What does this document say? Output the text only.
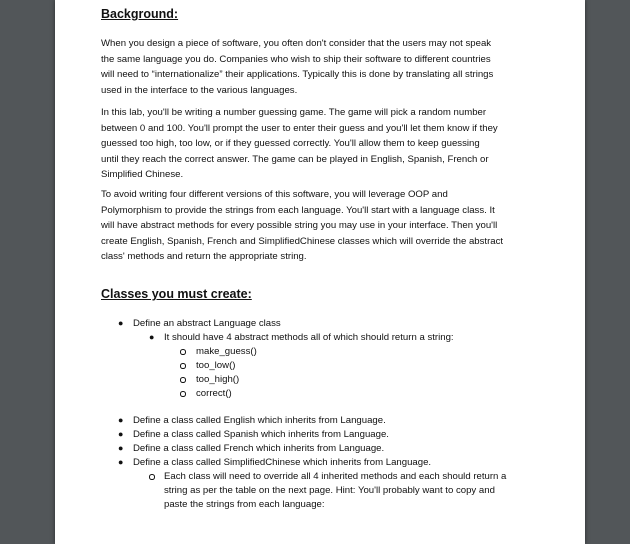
Background:
When you design a piece of software, you often don't consider that the users may not speak
the same language you do. Companies who wish to ship their software to different countries
will need to “internationalize” their applications. Typically this is done by translating all strings
used in the interface to the various languages.
In this lab, you'll be writing a number guessing game. The game will pick a random number
between 0 and 100. You'll prompt the user to enter their guess and you'll let them know if they
guessed too high, too low, or if they guessed correctly. You'll allow them to keep guessing
until they reach the correct answer. The game can be played in English, Spanish, French or
Simplified Chinese.
To avoid writing four different versions of this software, you will leverage OOP and
Polymorphism to provide the strings from each language. You'll start with a language class. It
will have abstract methods for every possible string you may use in your interface. Then you'll
create English, Spanish, French and SimplifiedChinese classes which will override the abstract
class' methods and return the appropriate string.
Classes you must create:
● Define an abstract Language class
● It should have 4 abstract methods all of which should return a string:
make_guess()
too_low()
too_high()
correct()
● Define a class called English which inherits from Language.
● Define a class called Spanish which inherits from Language.
● Define a class called French which inherits from Language.
● Define a class called SimplifiedChinese which inherits from Language.
Each class will need to override all 4 inherited methods and each should return a
string as per the table on the next page. Hint: You'll probably want to copy and
paste the strings from each language:
